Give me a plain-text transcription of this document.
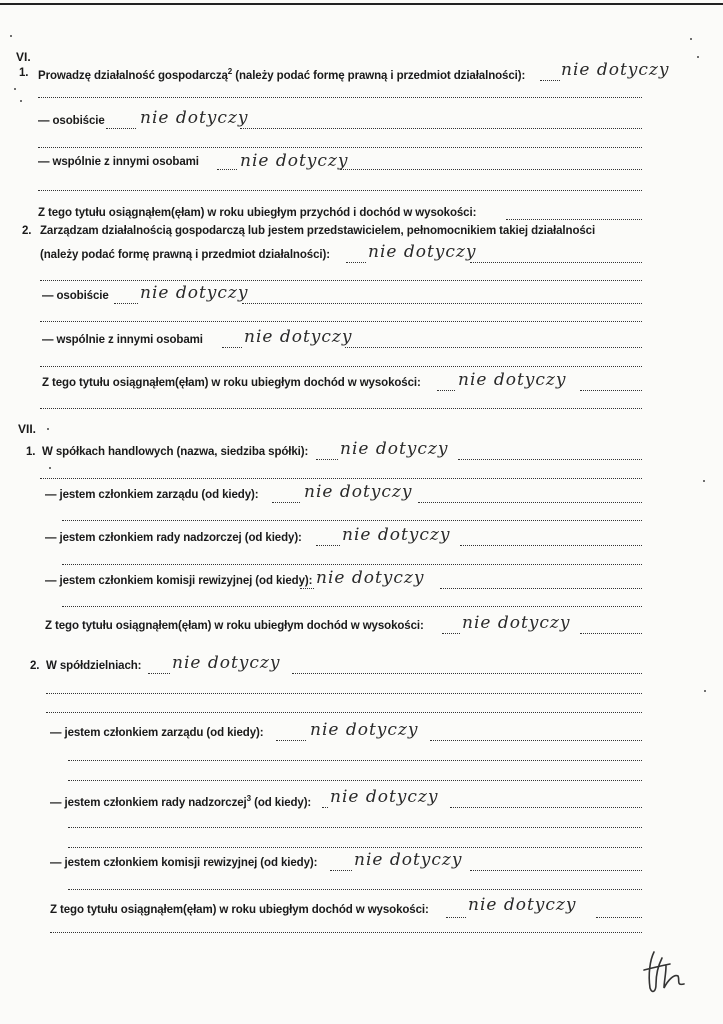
VI.
1. Prowadzę działalność gospodarczą$^2$ (należy podać formę prawną i przedmiot działalności): nie dotyczy
— osobiście nie dotyczy
— wspólnie z innymi osobami nie dotyczy
Z tego tytułu osiągnąłem(ęłam) w roku ubiegłym przychód i dochód w wysokości:
2. Zarządzam działalnością gospodarczą lub jestem przedstawicielem, pełnomocnikiem takiej działalności
(należy podać formę prawną i przedmiot działalności): nie dotyczy
— osobiście nie dotyczy
— wspólnie z innymi osobami nie dotyczy
Z tego tytułu osiągnąłem(ęłam) w roku ubiegłym dochód w wysokości: nie dotyczy
VII.
1. W spółkach handlowych (nazwa, siedziba spółki): nie dotyczy
— jestem członkiem zarządu (od kiedy):	nie dotyczy
— jestem członkiem rady nadzorczej (od kiedy): nie dotyczy
— jestem członkiem komisji rewizyjnej (od kiedy): nie dotyczy
Z tego tytułu osiągnąłem(ęłam) w roku ubiegłym dochód w wysokości: nie dotyczy
2. W spółdzielniach: nie dotyczy
— jestem członkiem zarządu (od kiedy):	nie dotyczy
— jestem członkiem rady nadzorczej$^3$ (od kiedy): nie dotyczy
— jestem członkiem komisji rewizyjnej (od kiedy): nie dotyczy
Z tego tytułu osiągnąłem(ęłam) w roku ubiegłym dochód w wysokości: nie dotyczy
